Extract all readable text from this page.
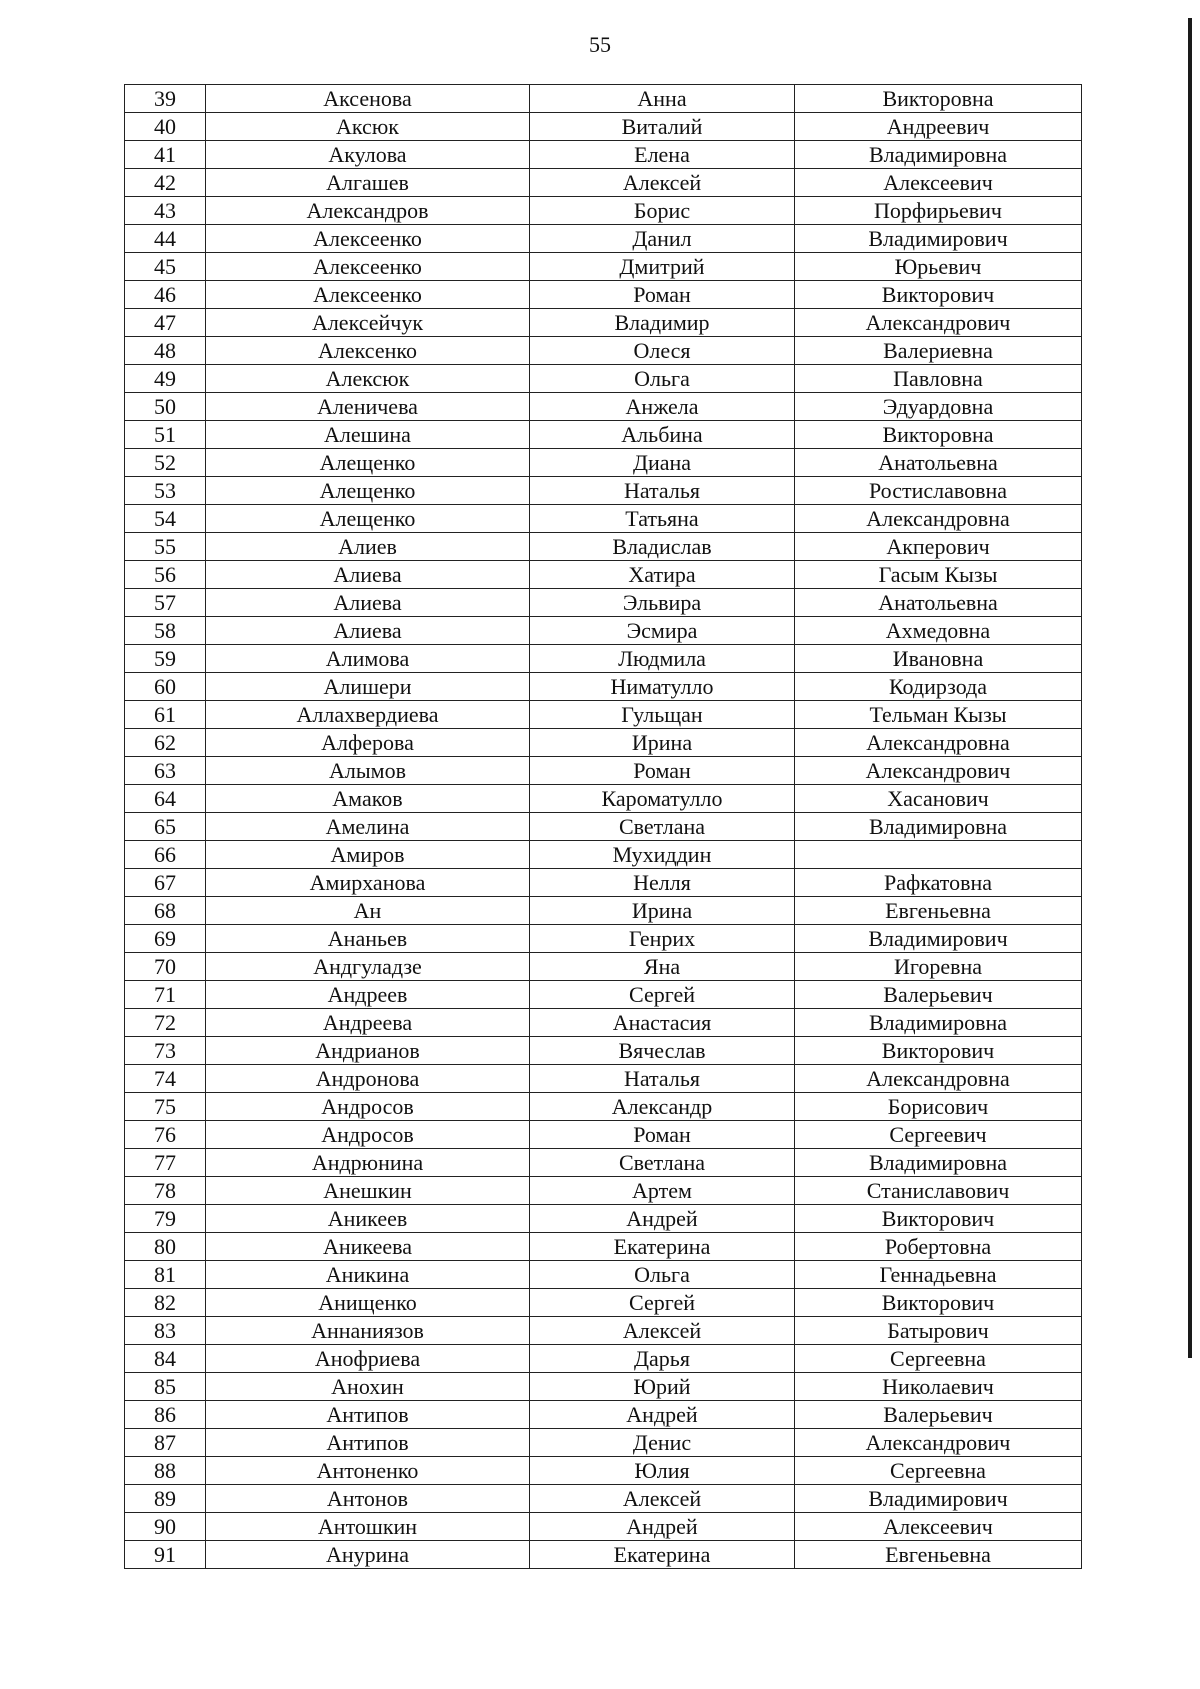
55
39	Аксенова	Анна	Викторовна
40	Аксюк	Виталий	Андреевич
41	Акулова	Елена	Владимировна
42	Алгашев	Алексей	Алексеевич
43	Александров	Борис	Порфирьевич
44	Алексеенко	Данил	Владимирович
45	Алексеенко	Дмитрий	Юрьевич
46	Алексеенко	Роман	Викторович
47	Алексейчук	Владимир	Александрович
48	Алексенко	Олеся	Валериевна
49	Алексюк	Ольга	Павловна
50	Аленичева	Анжела	Эдуардовна
51	Алешина	Альбина	Викторовна
52	Алещенко	Диана	Анатольевна
53	Алещенко	Наталья	Ростиславовна
54	Алещенко	Татьяна	Александровна
55	Алиев	Владислав	Акперович
56	Алиева	Хатира	Гасым Кызы
57	Алиева	Эльвира	Анатольевна
58	Алиева	Эсмира	Ахмедовна
59	Алимова	Людмила	Ивановна
60	Алишери	Ниматулло	Кодирзода
61	Аллахвердиева	Гульщан	Тельман Кызы
62	Алферова	Ирина	Александровна
63	Алымов	Роман	Александрович
64	Амаков	Кароматулло	Хасанович
65	Амелина	Светлана	Владимировна
66	Амиров	Мухиддин	
67	Амирханова	Нелля	Рафкатовна
68	Ан	Ирина	Евгеньевна
69	Ананьев	Генрих	Владимирович
70	Андгуладзе	Яна	Игоревна
71	Андреев	Сергей	Валерьевич
72	Андреева	Анастасия	Владимировна
73	Андрианов	Вячеслав	Викторович
74	Андронова	Наталья	Александровна
75	Андросов	Александр	Борисович
76	Андросов	Роман	Сергеевич
77	Андрюнина	Светлана	Владимировна
78	Анешкин	Артем	Станиславович
79	Аникеев	Андрей	Викторович
80	Аникеева	Екатерина	Робертовна
81	Аникина	Ольга	Геннадьевна
82	Анищенко	Сергей	Викторович
83	Аннаниязов	Алексей	Батырович
84	Анофриева	Дарья	Сергеевна
85	Анохин	Юрий	Николаевич
86	Антипов	Андрей	Валерьевич
87	Антипов	Денис	Александрович
88	Антоненко	Юлия	Сергеевна
89	Антонов	Алексей	Владимирович
90	Антошкин	Андрей	Алексеевич
91	Анурина	Екатерина	Евгеньевна
